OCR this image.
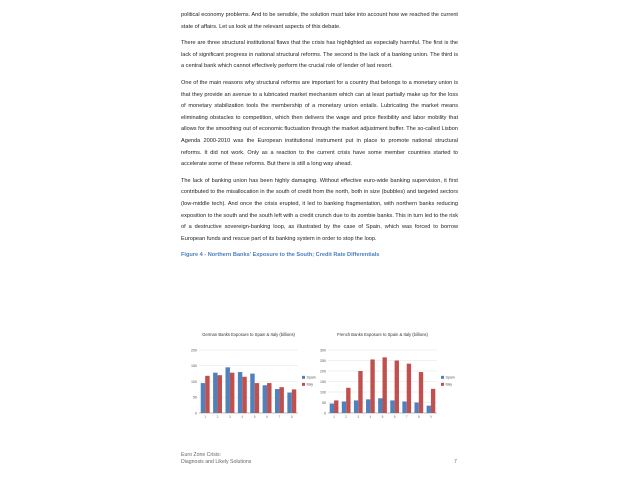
political economy problems. And to be sensible, the solution must take into account how we reached the current state of affairs. Let us look at the relevant aspects of this debate.

There are three structural institutional flaws that the crisis has highlighted as especially harmful. The first is the lack of significant progress in national structural reforms. The second is the lack of a banking union. The third is a central bank which cannot effectively perform the crucial role of lender of last resort.

One of the main reasons why structural reforms are important for a country that belongs to a monetary union is that they provide an avenue to a lubricated market mechanism which can at least partially make up for the loss of monetary stabilization tools the membership of a monetary union entails. Lubricating the market means eliminating obstacles to competition, which then delivers the wage and price flexibility and labor mobility that allows for the smoothing out of economic fluctuation through the market adjustment buffer. The so-called Lisbon Agenda 2000-2010 was the European institutional instrument put in place to promote national structural reforms. It did not work. Only as a reaction to the current crisis have some member countries started to accelerate some of these reforms. But there is still a long way ahead.

The lack of banking union has been highly damaging. Without effective euro-wide banking supervision, it first contributed to the misallocation in the south of credit from the north, both in size (bubbles) and targeted sectors (low-middle tech). And once the crisis erupted, it led to banking fragmentation, with northern banks reducing exposition to the south and the south left with a credit crunch due to its zombie banks. This in turn led to the risk of a destructive sovereign-banking loop, as illustrated by the case of Spain, which was forced to borrow European funds and rescue part of its banking system in order to stop the loop.

Figure 4 - Northern Banks' Exposure to the South; Credit Rate Differentials
German Banks Exposure to Spain & Italy (billions)
200
150
100
50
0
1	2	3	4	5	6	7	8
Spain
Italy
French Banks Exposure to Spain & Italy (billions)
300
250
200
150
100
50
0
1	2	3	4	5	6	7	8	9
Spain
Italy
Euro Zone Crisis:
Diagnosis and Likely Solutions	7
